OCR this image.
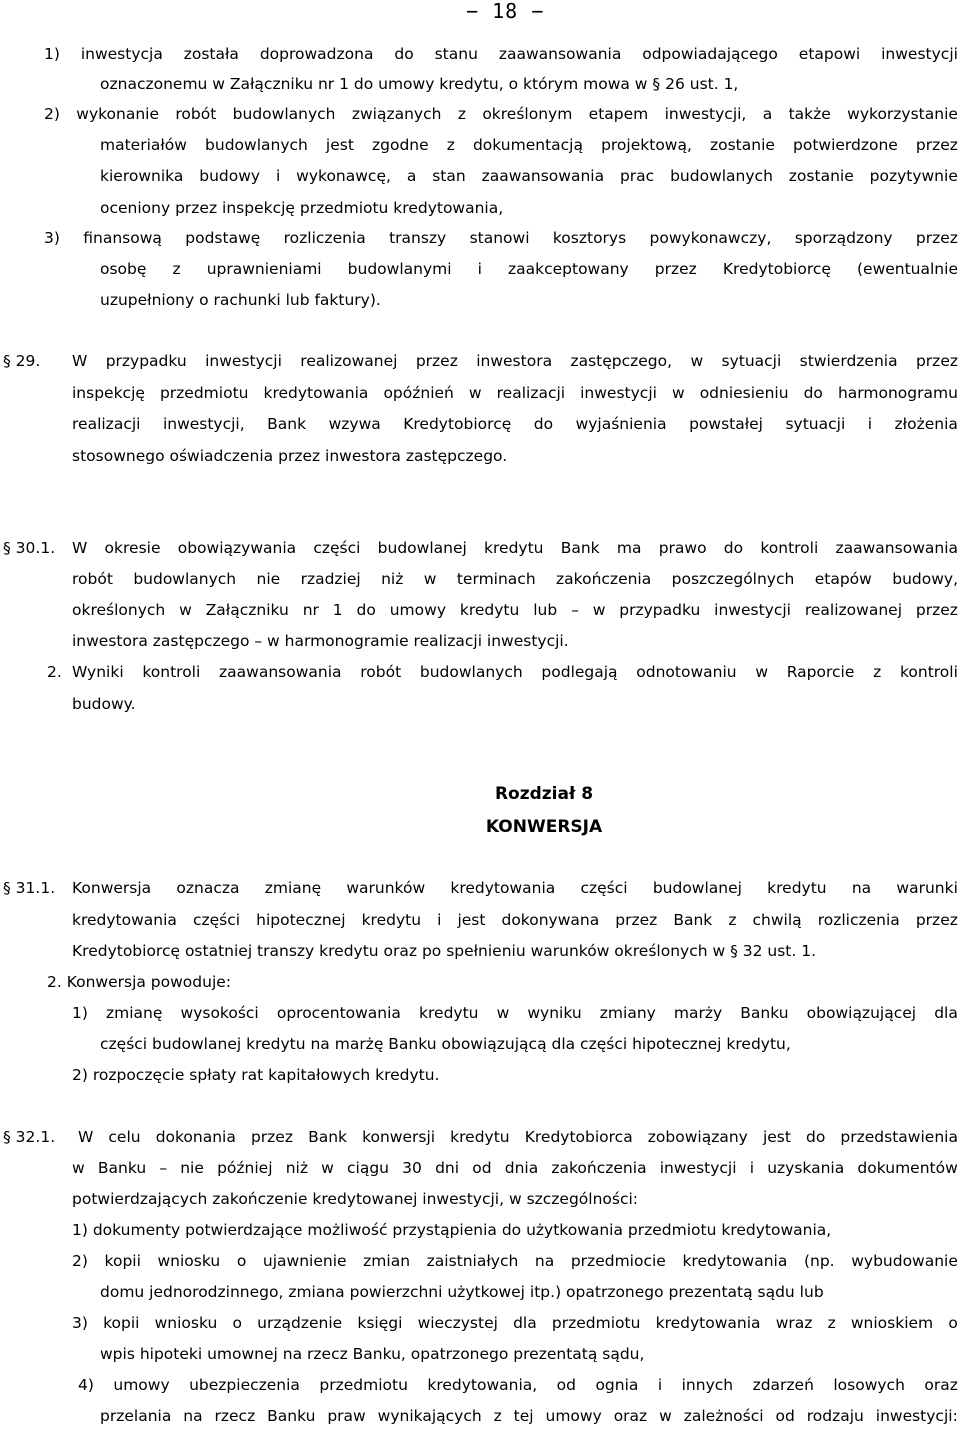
− 18 −
1) inwestycja została doprowadzona do stanu zaawansowania odpowiadającego etapowi inwestycji
oznaczonemu w Załączniku nr 1 do umowy kredytu, o którym mowa w § 26 ust. 1,
2) wykonanie robót budowlanych związanych z określonym etapem inwestycji, a także wykorzystanie
materiałów budowlanych jest zgodne z dokumentacją projektową, zostanie potwierdzone przez
kierownika budowy i wykonawcę, a stan zaawansowania prac budowlanych zostanie pozytywnie
oceniony przez inspekcję przedmiotu kredytowania,
3) finansową podstawę rozliczenia transzy stanowi kosztorys powykonawczy, sporządzony przez
osobę z uprawnieniami budowlanymi i zaakceptowany przez Kredytobiorcę (ewentualnie
uzupełniony o rachunki lub faktury).
§ 29. W przypadku inwestycji realizowanej przez inwestora zastępczego, w sytuacji stwierdzenia przez
inspekcję przedmiotu kredytowania opóźnień w realizacji inwestycji w odniesieniu do harmonogramu
realizacji inwestycji, Bank wzywa Kredytobiorcę do wyjaśnienia powstałej sytuacji i złożenia
stosownego oświadczenia przez inwestora zastępczego.
§ 30.1. W okresie obowiązywania części budowlanej kredytu Bank ma prawo do kontroli zaawansowania
robót budowlanych nie rzadziej niż w terminach zakończenia poszczególnych etapów budowy,
określonych w Załączniku nr 1 do umowy kredytu lub – w przypadku inwestycji realizowanej przez
inwestora zastępczego – w harmonogramie realizacji inwestycji.
2. Wyniki kontroli zaawansowania robót budowlanych podlegają odnotowaniu w Raporcie z kontroli
budowy.
Rozdział 8
KONWERSJA
§ 31.1. Konwersja oznacza zmianę warunków kredytowania części budowlanej kredytu na warunki
kredytowania części hipotecznej kredytu i jest dokonywana przez Bank z chwilą rozliczenia przez
Kredytobiorcę ostatniej transzy kredytu oraz po spełnieniu warunków określonych w § 32 ust. 1.
2. Konwersja powoduje:
1) zmianę wysokości oprocentowania kredytu w wyniku zmiany marży Banku obowiązującej dla
części budowlanej kredytu na marżę Banku obowiązującą dla części hipotecznej kredytu,
2) rozpoczęcie spłaty rat kapitałowych kredytu.
§ 32.1. W celu dokonania przez Bank konwersji kredytu Kredytobiorca zobowiązany jest do przedstawienia
w Banku – nie później niż w ciągu 30 dni od dnia zakończenia inwestycji i uzyskania dokumentów
potwierdzających zakończenie kredytowanej inwestycji, w szczególności:
1) dokumenty potwierdzające możliwość przystąpienia do użytkowania przedmiotu kredytowania,
2) kopii wniosku o ujawnienie zmian zaistniałych na przedmiocie kredytowania (np. wybudowanie
domu jednorodzinnego, zmiana powierzchni użytkowej itp.) opatrzonego prezentatą sądu lub
3) kopii wniosku o urządzenie księgi wieczystej dla przedmiotu kredytowania wraz z wnioskiem o
wpis hipoteki umownej na rzecz Banku, opatrzonego prezentatą sądu,
4) umowy ubezpieczenia przedmiotu kredytowania, od ognia i innych zdarzeń losowych oraz
przelania na rzecz Banku praw wynikających z tej umowy oraz w zależności od rodzaju inwestycji:
